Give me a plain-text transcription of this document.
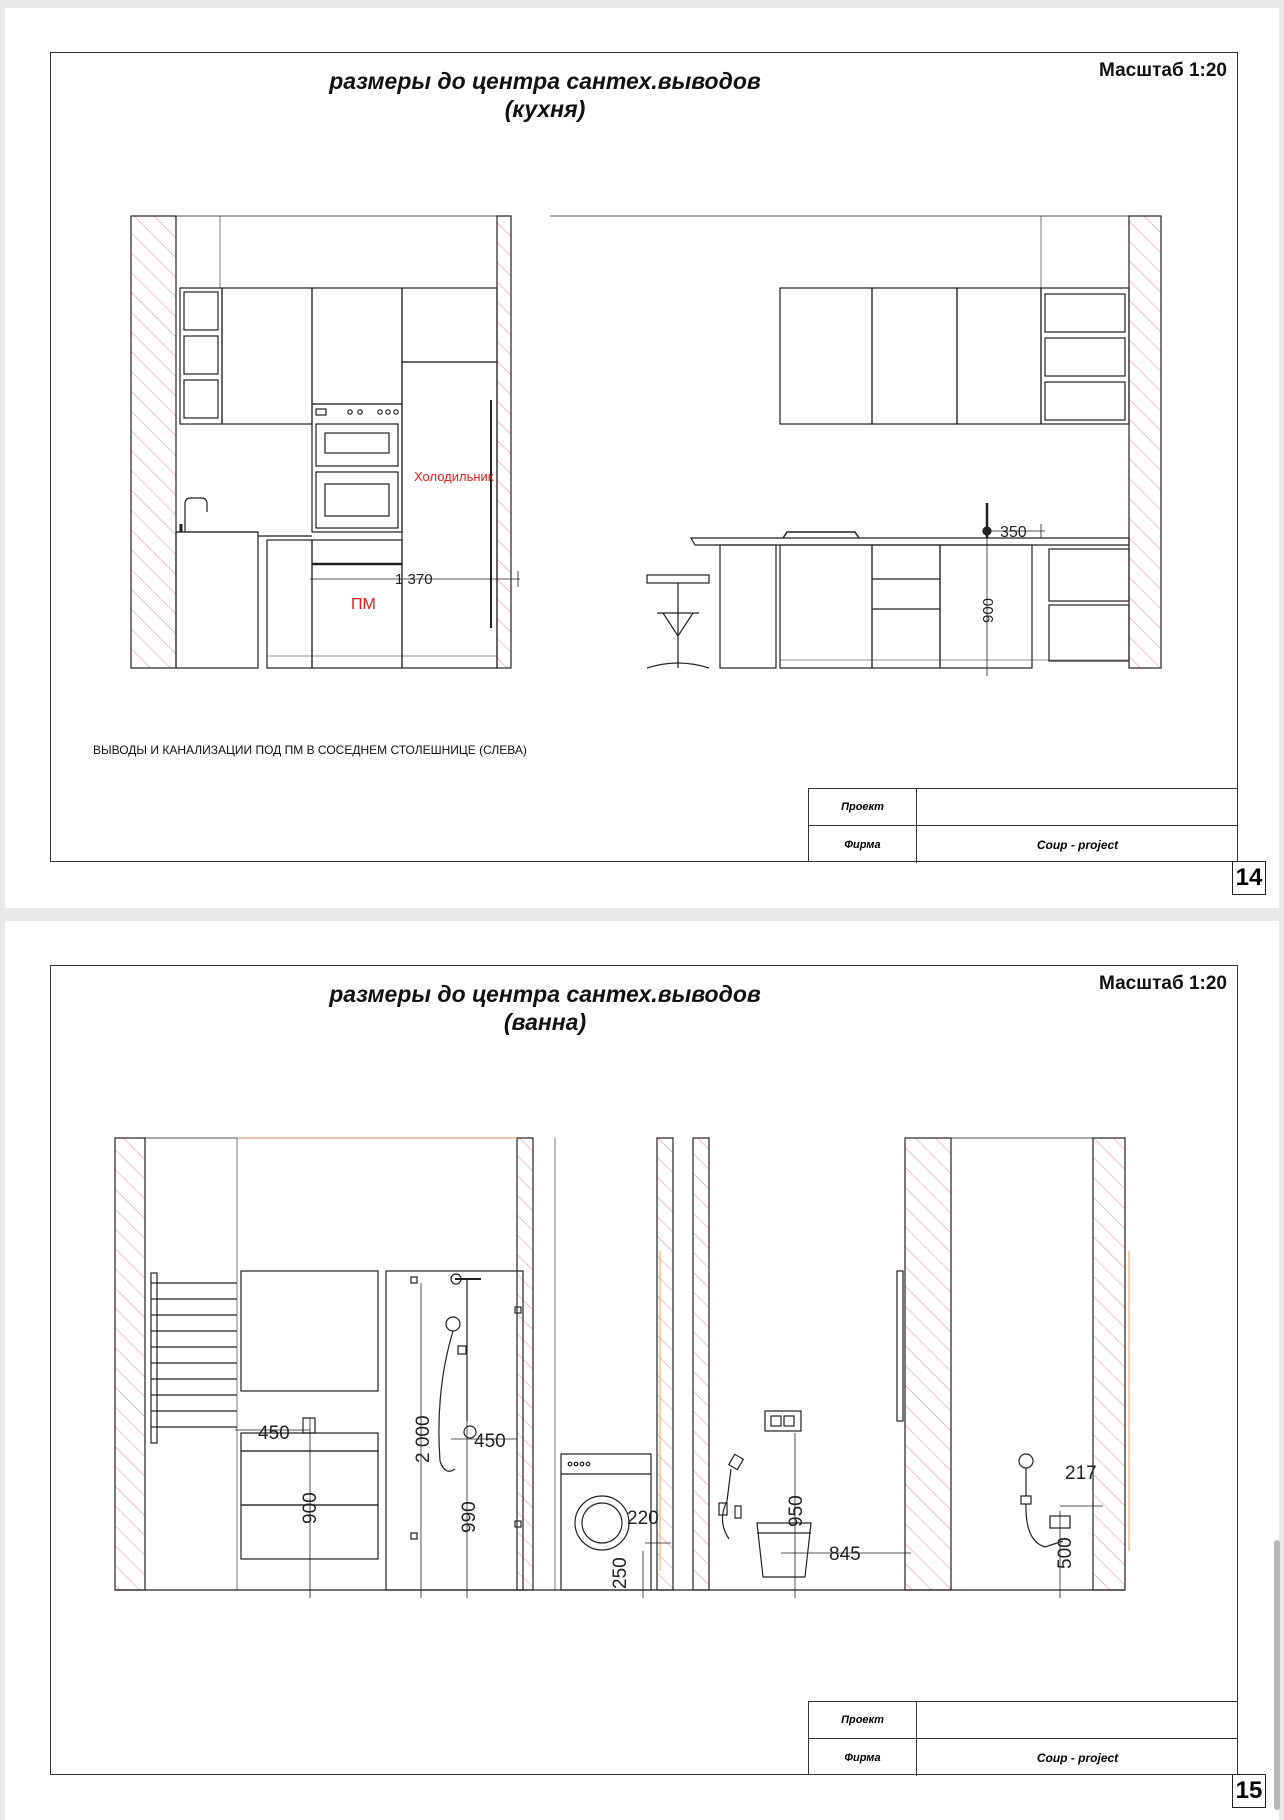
размеры до центра сантех.выводов
(кухня)
Масштаб 1:20
Холодильник
ПМ
1 370
350
900
ВЫВОДЫ И КАНАЛИЗАЦИИ ПОД ПМ В СОСЕДНЕМ СТОЛЕШНИЦЕ (СЛЕВА)
Проект
Фирма	Coup - project
14
размеры до центра сантех.выводов
(ванна)
Масштаб 1:20
450
900
2 000 450
990	220
250
950
845
217
500
Проект
Фирма	Coup - project
15
